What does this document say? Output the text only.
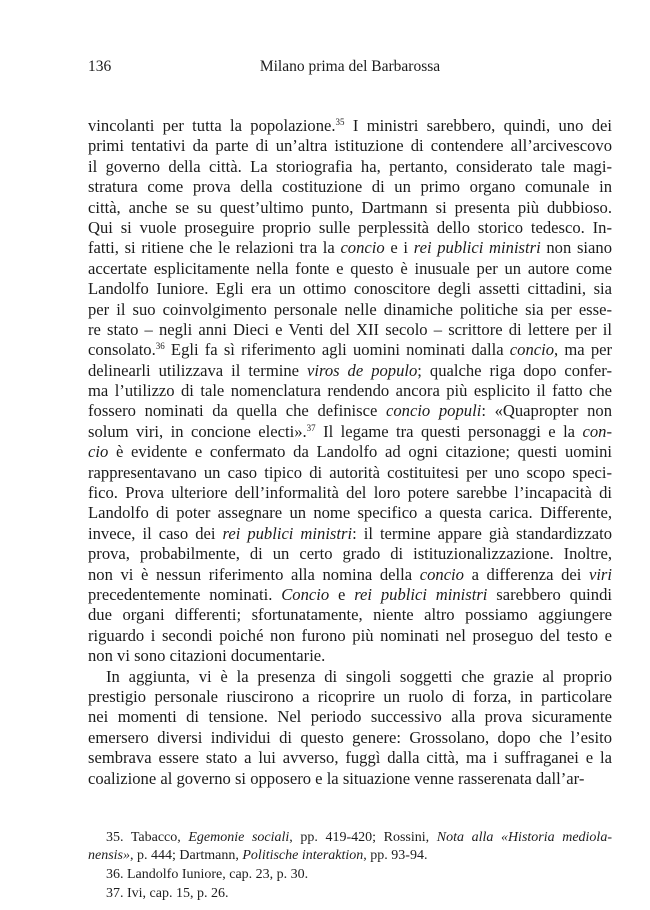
136	Milano prima del Barbarossa
vincolanti per tutta la popolazione.$^{35}$ I ministri sarebbero, quindi, uno dei
primi tentativi da parte di un’altra istituzione di contendere all’arcivescovo
il governo della città. La storiografia ha, pertanto, considerato tale magi-
stratura come prova della costituzione di un primo organo comunale in
città, anche se su quest’ultimo punto, Dartmann si presenta più dubbioso.
Qui si vuole proseguire proprio sulle perplessità dello storico tedesco. In-
fatti, si ritiene che le relazioni tra la concio e i rei publici ministri non siano
accertate esplicitamente nella fonte e questo è inusuale per un autore come
Landolfo Iuniore. Egli era un ottimo conoscitore degli assetti cittadini, sia
per il suo coinvolgimento personale nelle dinamiche politiche sia per esse-
re stato – negli anni Dieci e Venti del XII secolo – scrittore di lettere per il
consolato.$^{36}$ Egli fa sì riferimento agli uomini nominati dalla concio, ma per
delinearli utilizzava il termine viros de populo; qualche riga dopo confer-
ma l’utilizzo di tale nomenclatura rendendo ancora più esplicito il fatto che
fossero nominati da quella che definisce concio populi: «Quapropter non
solum viri, in concione electi».$^{37}$ Il legame tra questi personaggi e la con-
cio è evidente e confermato da Landolfo ad ogni citazione; questi uomini
rappresentavano un caso tipico di autorità costituitesi per uno scopo speci-
fico. Prova ulteriore dell’informalità del loro potere sarebbe l’incapacità di
Landolfo di poter assegnare un nome specifico a questa carica. Differente,
invece, il caso dei rei publici ministri: il termine appare già standardizzato
prova, probabilmente, di un certo grado di istituzionalizzazione. Inoltre,
non vi è nessun riferimento alla nomina della concio a differenza dei viri
precedentemente nominati. Concio e rei publici ministri sarebbero quindi
due organi differenti; sfortunatamente, niente altro possiamo aggiungere
riguardo i secondi poiché non furono più nominati nel proseguo del testo e
non vi sono citazioni documentarie.
In aggiunta, vi è la presenza di singoli soggetti che grazie al proprio
prestigio personale riuscirono a ricoprire un ruolo di forza, in particolare
nei momenti di tensione. Nel periodo successivo alla prova sicuramente
emersero diversi individui di questo genere: Grossolano, dopo che l’esito
sembrava essere stato a lui avverso, fuggì dalla città, ma i suffraganei e la
coalizione al governo si opposero e la situazione venne rasserenata dall’ar-
35. Tabacco, Egemonie sociali, pp. 419-420; Rossini, Nota alla «Historia mediola-
nensis», p. 444; Dartmann, Politische interaktion, pp. 93-94.
36. Landolfo Iuniore, cap. 23, p. 30.
37. Ivi, cap. 15, p. 26.
